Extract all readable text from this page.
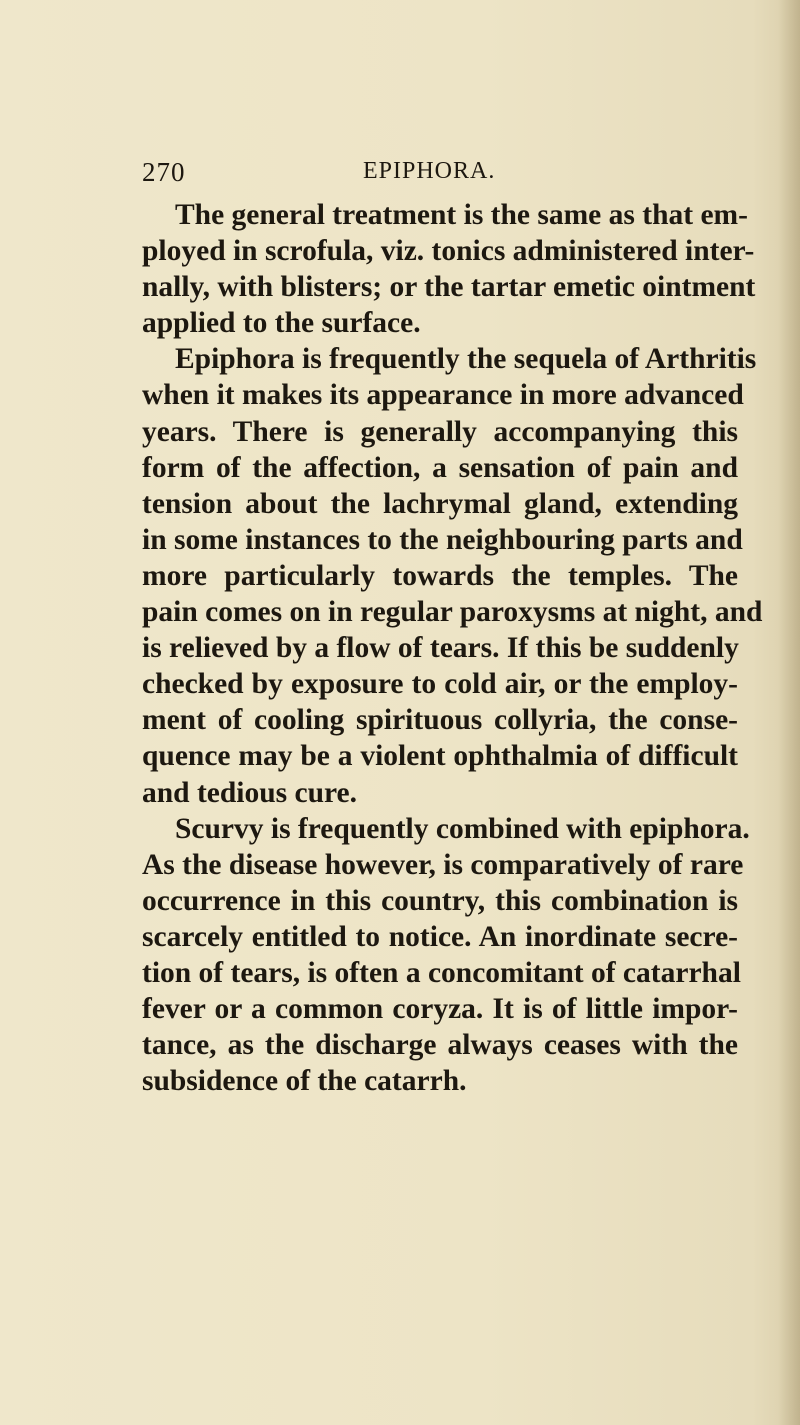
270	EPIPHORA.
The general treatment is the same as that em-
ployed in scrofula, viz. tonics administered inter-
nally, with blisters; or the tartar emetic ointment
applied to the surface.
Epiphora is frequently the sequela of Arthritis
when it makes its appearance in more advanced
years. There is generally accompanying this
form of the affection, a sensation of pain and
tension about the lachrymal gland, extending
in some instances to the neighbouring parts and
more particularly towards the temples. The
pain comes on in regular paroxysms at night, and
is relieved by a flow of tears. If this be suddenly
checked by exposure to cold air, or the employ-
ment of cooling spirituous collyria, the conse-
quence may be a violent ophthalmia of difficult
and tedious cure.
Scurvy is frequently combined with epiphora.
As the disease however, is comparatively of rare
occurrence in this country, this combination is
scarcely entitled to notice. An inordinate secre-
tion of tears, is often a concomitant of catarrhal
fever or a common coryza. It is of little impor-
tance, as the discharge always ceases with the
subsidence of the catarrh.
